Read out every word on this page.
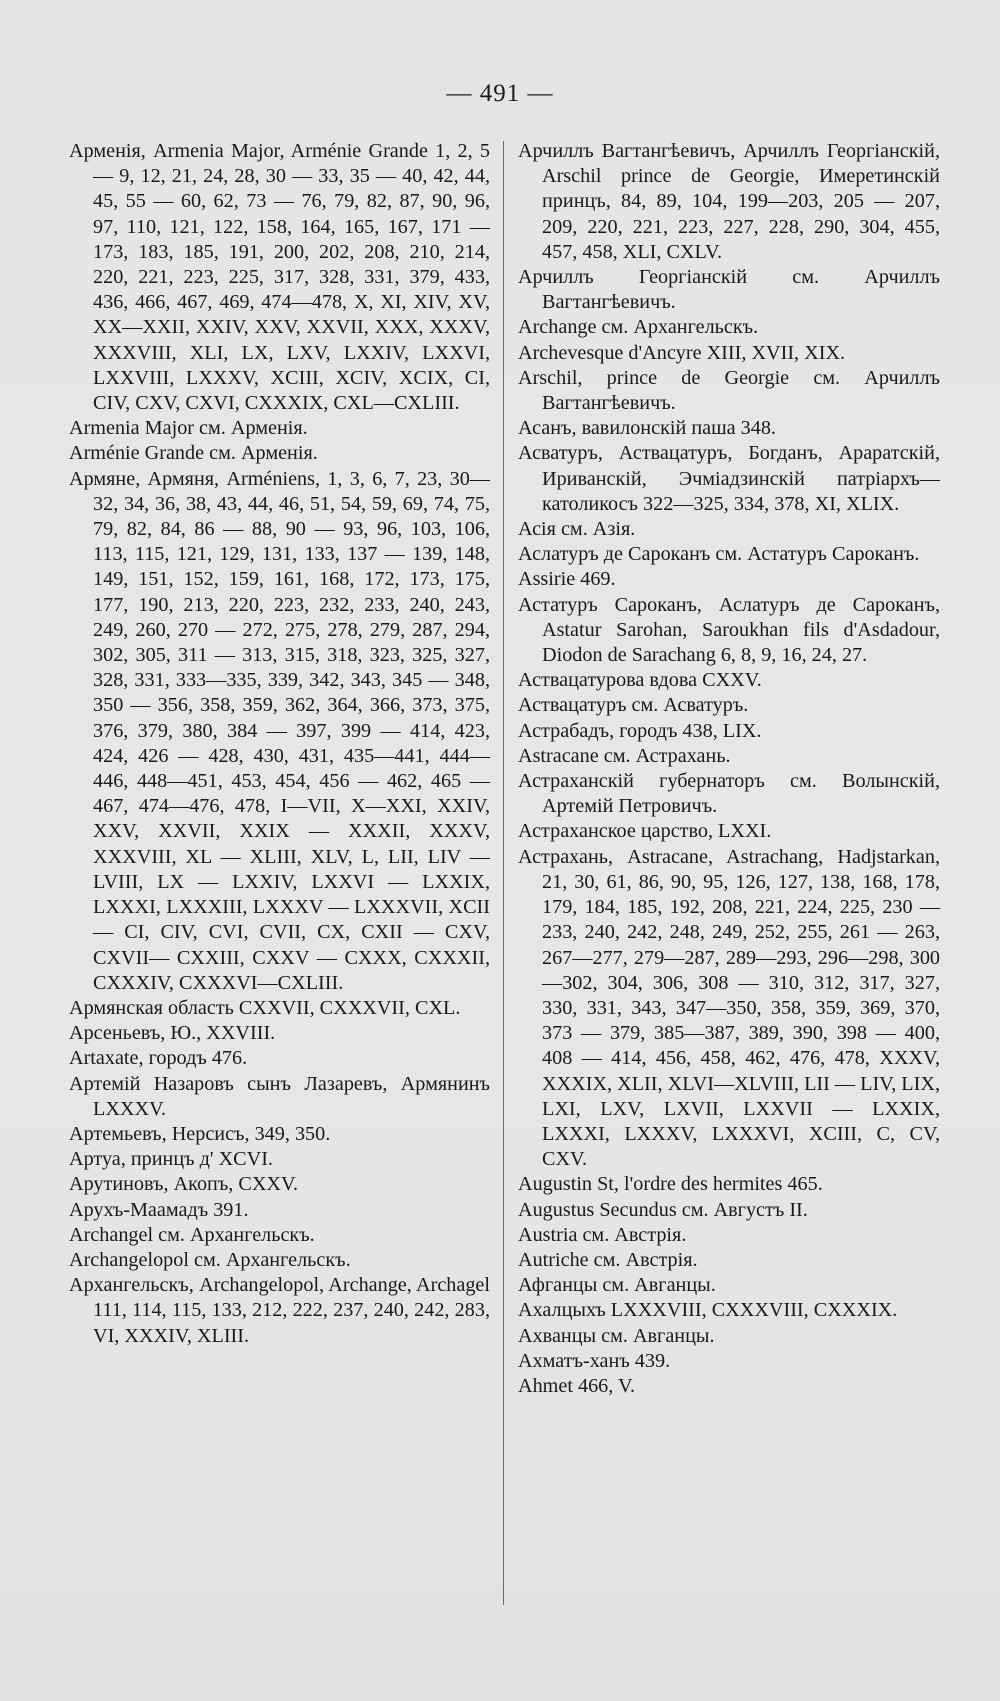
— 491 —

Арменія, Armenia Major, Arménie Grande 1, 2, 5 — 9, 12, 21, 24, 28, 30 — 33, 35 — 40, 42, 44, 45, 55 — 60, 62, 73 — 76, 79, 82, 87, 90, 96, 97, 110, 121, 122, 158, 164, 165, 167, 171 — 173, 183, 185, 191, 200, 202, 208, 210, 214, 220, 221, 223, 225, 317, 328, 331, 379, 433, 436, 466, 467, 469, 474—478, X, XI, XIV, XV, XX—XXII, XXIV, XXV, XXVII, XXX, XXXV, XXXVIII, XLI, LX, LXV, LXXIV, LXXVI, LXXVIII, LXXXV, XCIII, XCIV, XCIX, CI, CIV, CXV, CXVI, CXXXIX, CXL—CXLIII.

Armenia Major см. Арменія.

Arménie Grande см. Арменія.

Армяне, Армяня, Arméniens, 1, 3, 6, 7, 23, 30—32, 34, 36, 38, 43, 44, 46, 51, 54, 59, 69, 74, 75, 79, 82, 84, 86 — 88, 90 — 93, 96, 103, 106, 113, 115, 121, 129, 131, 133, 137 — 139, 148, 149, 151, 152, 159, 161, 168, 172, 173, 175, 177, 190, 213, 220, 223, 232, 233, 240, 243, 249, 260, 270 — 272, 275, 278, 279, 287, 294, 302, 305, 311 — 313, 315, 318, 323, 325, 327, 328, 331, 333—335, 339, 342, 343, 345 — 348, 350 — 356, 358, 359, 362, 364, 366, 373, 375, 376, 379, 380, 384 — 397, 399 — 414, 423, 424, 426 — 428, 430, 431, 435—441, 444—446, 448—451, 453, 454, 456 — 462, 465 — 467, 474—476, 478, I—VII, X—XXI, XXIV, XXV, XXVII, XXIX — XXXII, XXXV, XXXVIII, XL — XLIII, XLV, L, LII, LIV — LVIII, LX — LXXIV, LXXVI — LXXIX, LXXXI, LXXXIII, LXXXV — LXXXVII, XCII — CI, CIV, CVI, CVII, CX, CXII — CXV, CXVII— CXXIII, CXXV — CXXX, CXXXII, CXXXIV, CXXXVI—CXLIII.

Армянская область CXXVII, CXXXVII, CXL.

Арсеньевъ, Ю., XXVIII.

Artaxate, городъ 476.

Артемій Назаровъ сынъ Лазаревъ, Армянинъ LXXXV.

Артемьевъ, Нерсисъ, 349, 350.

Артуа, принцъ д' XCVI.

Арутиновъ, Акопъ, CXXV.

Арухъ-Маамадъ 391.

Archangel см. Архангельскъ.

Archangelopol см. Архангельскъ.

Архангельскъ, Archangelopol, Archange, Archagel 111, 114, 115, 133, 212, 222, 237, 240, 242, 283, VI, XXXIV, XLIII.

Арчиллъ Вагтангѣевичъ, Арчиллъ Георгіанскій, Arschil prince de Georgie, Имеретинскій принцъ, 84, 89, 104, 199—203, 205 — 207, 209, 220, 221, 223, 227, 228, 290, 304, 455, 457, 458, XLI, CXLV.

Арчиллъ Георгіанскій см. Арчиллъ Вагтангѣевичъ.

Archange см. Архангельскъ.

Archevesque d'Ancyre XIII, XVII, XIX.

Arschil, prince de Georgie см. Арчиллъ Вагтангѣевичъ.

Асанъ, вавилонскій паша 348.

Асватуръ, Аствацатуръ, Богданъ, Араратскій, Ириванскій, Эчміадзинскій патріархъ—католикосъ 322—325, 334, 378, XI, XLIX.

Асія см. Азія.

Аслатуръ де Сароканъ см. Астатуръ Сароканъ.

Assirie 469.

Астатуръ Сароканъ, Аслатуръ де Сароканъ, Astatur Sarohan, Saroukhan fils d'Asdadour, Diodon de Sarachang 6, 8, 9, 16, 24, 27.

Аствацатурова вдова CXXV.

Аствацатуръ см. Асватуръ.

Астрабадъ, городъ 438, LIX.

Astracane см. Астрахань.

Астраханскій губернаторъ см. Волынскій, Артемій Петровичъ.

Астраханское царство, LXXI.

Астрахань, Astracane, Astrachang, Hadjstarkan, 21, 30, 61, 86, 90, 95, 126, 127, 138, 168, 178, 179, 184, 185, 192, 208, 221, 224, 225, 230 — 233, 240, 242, 248, 249, 252, 255, 261 — 263, 267—277, 279—287, 289—293, 296—298, 300—302, 304, 306, 308 — 310, 312, 317, 327, 330, 331, 343, 347—350, 358, 359, 369, 370, 373 — 379, 385—387, 389, 390, 398 — 400, 408 — 414, 456, 458, 462, 476, 478, XXXV, XXXIX, XLII, XLVI—XLVIII, LII — LIV, LIX, LXI, LXV, LXVII, LXXVII — LXXIX, LXXXI, LXXXV, LXXXVI, XCIII, C, CV, CXV.

Augustin St, l'ordre des hermites 465.

Augustus Secundus см. Августъ II.

Austria см. Австрія.

Autriche см. Австрія.

Афганцы см. Авганцы.

Ахалцыхъ LXXXVIII, CXXXVIII, CXXXIX.

Ахванцы см. Авганцы.

Ахматъ-ханъ 439.

Ahmet 466, V.
